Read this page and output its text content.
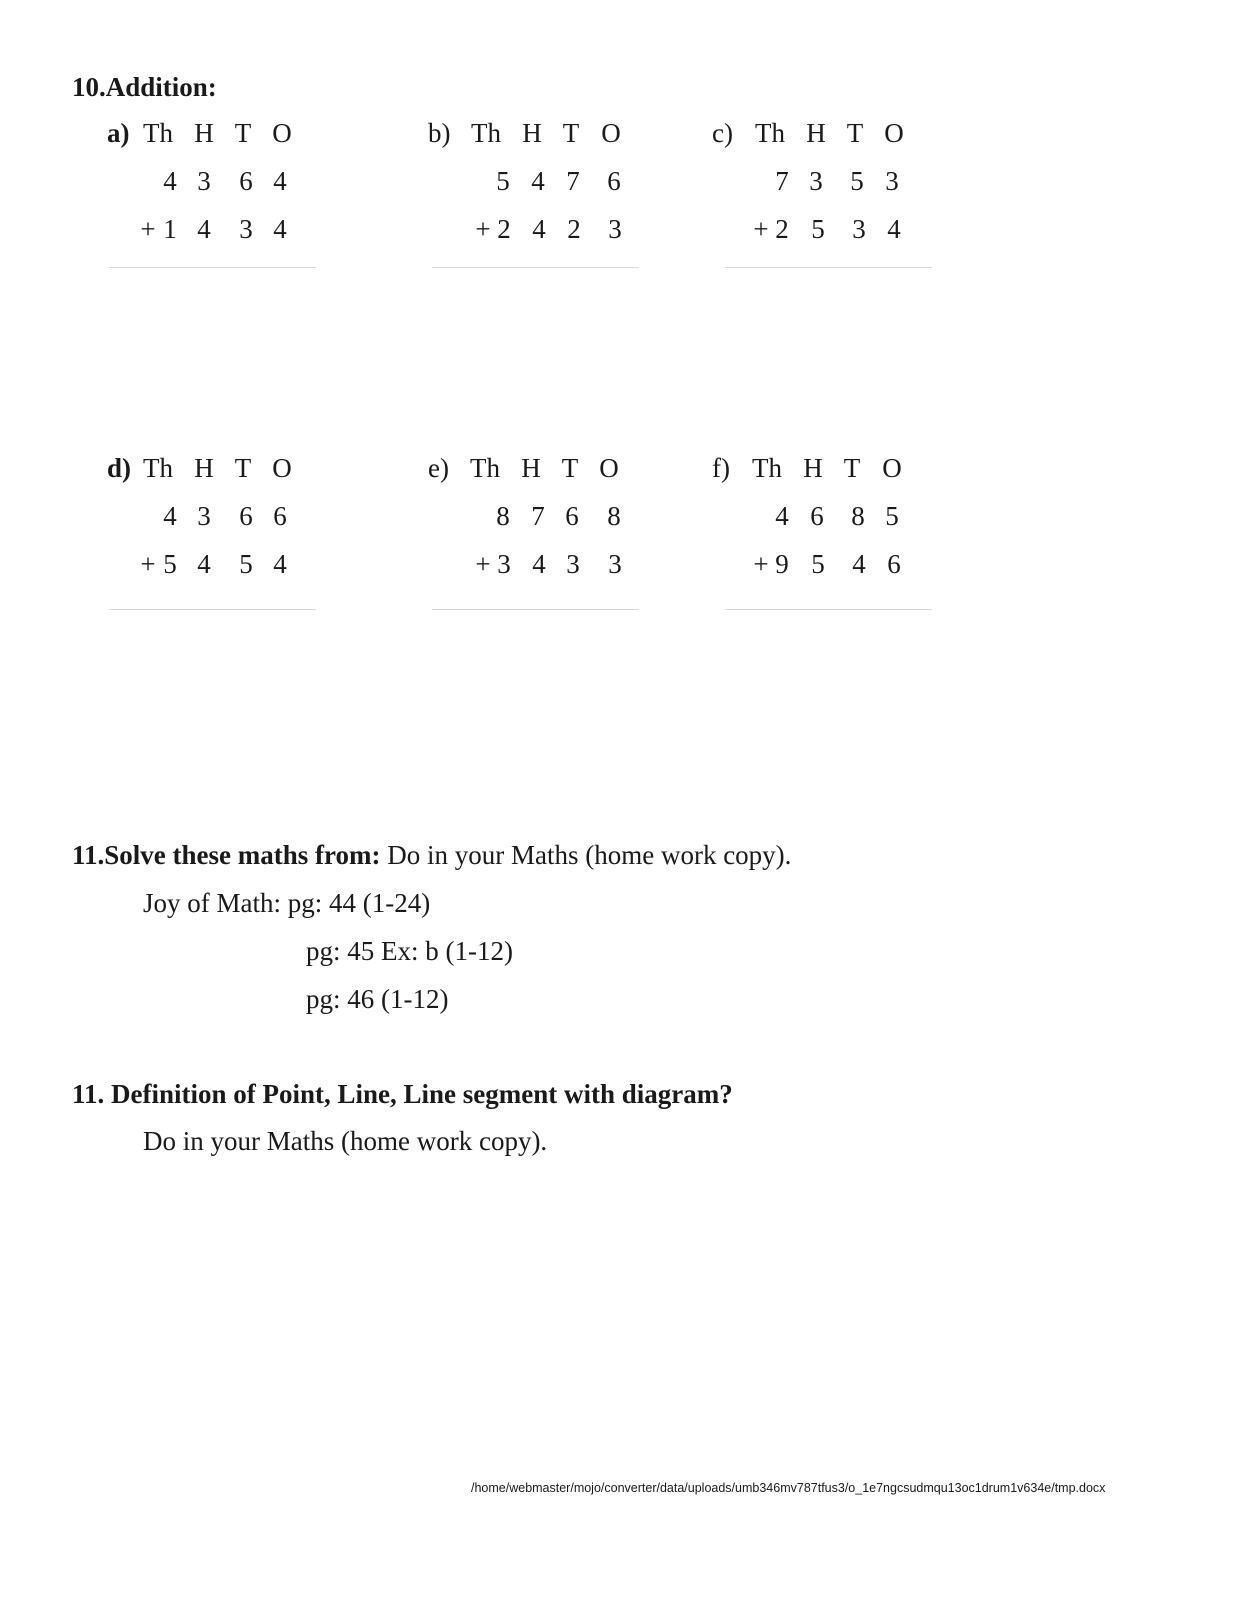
10.Addition:
a) Th H T O
4 3	6 4
+ 1 4	3 4
b) Th H T O
5 4 7	6
+ 2 4 2	3
c) Th H T O
7 3	5 3
+ 2 5	3 4
d) Th H T O
4 3	6 6
+ 5 4	5 4
e) Th H T O
8 7 6	8
+ 3 4 3	3
f) Th H T O
4 6	8 5
+ 9 5	4 6
11.Solve these maths from: Do in your Maths (home work copy).
Joy of Math: pg: 44 (1-24)
pg: 45 Ex: b (1-12)
pg: 46 (1-12)
11. Definition of Point, Line, Line segment with diagram?
Do in your Maths (home work copy).
/home/webmaster/mojo/converter/data/uploads/umb346mv787tfus3/o_1e7ngcsudmqu13oc1drum1v634e/tmp.docx
